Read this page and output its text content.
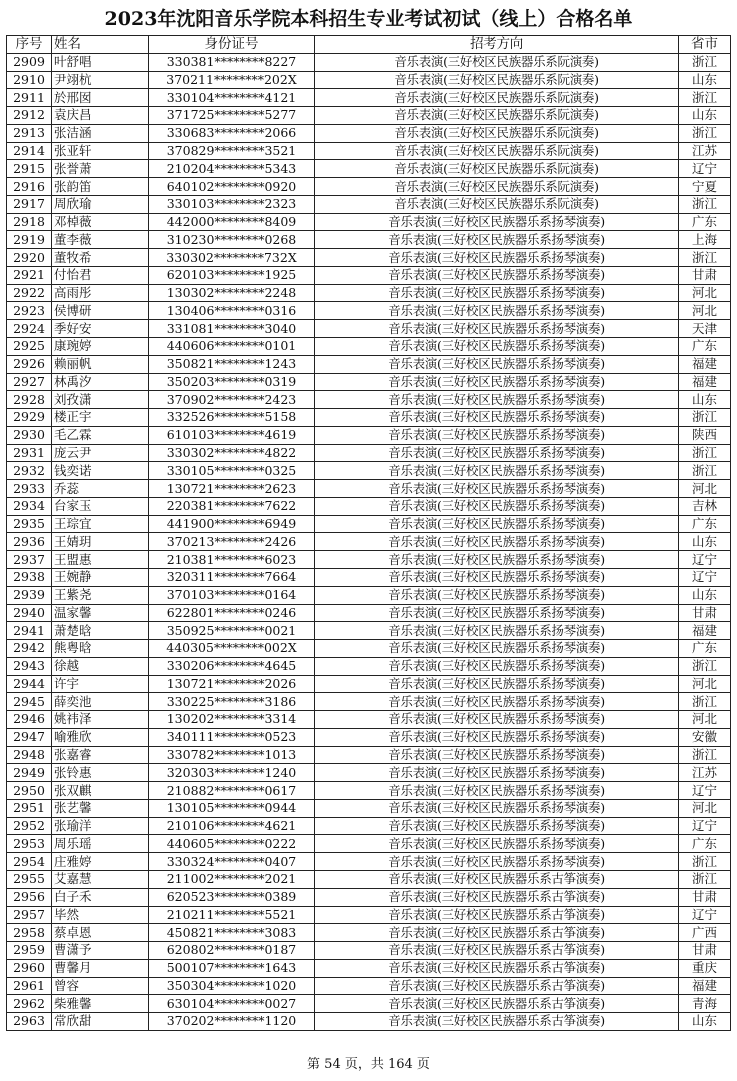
2023年沈阳音乐学院本科招生专业考试初试（线上）合格名单
序号	姓名	身份证号	招考方向	省市
2909	叶舒唱	330381********8227	音乐表演(三好校区民族器乐系阮演奏)	浙江
2910	尹翊杭	370211********202X	音乐表演(三好校区民族器乐系阮演奏)	山东
2911	於邢囡	330104********4121	音乐表演(三好校区民族器乐系阮演奏)	浙江
2912	袁庆昌	371725********5277	音乐表演(三好校区民族器乐系阮演奏)	山东
2913	张洁涵	330683********2066	音乐表演(三好校区民族器乐系阮演奏)	浙江
2914	张亚轩	370829********3521	音乐表演(三好校区民族器乐系阮演奏)	江苏
2915	张誉萧	210204********5343	音乐表演(三好校区民族器乐系阮演奏)	辽宁
2916	张韵笛	640102********0920	音乐表演(三好校区民族器乐系阮演奏)	宁夏
2917	周欣瑜	330103********2323	音乐表演(三好校区民族器乐系阮演奏)	浙江
2918	邓棹薇	442000********8409	音乐表演(三好校区民族器乐系扬琴演奏)	广东
2919	董李薇	310230********0268	音乐表演(三好校区民族器乐系扬琴演奏)	上海
2920	董牧希	330302********732X	音乐表演(三好校区民族器乐系扬琴演奏)	浙江
2921	付怡君	620103********1925	音乐表演(三好校区民族器乐系扬琴演奏)	甘肃
2922	高雨彤	130302********2248	音乐表演(三好校区民族器乐系扬琴演奏)	河北
2923	侯博研	130406********0316	音乐表演(三好校区民族器乐系扬琴演奏)	河北
2924	季好安	331081********3040	音乐表演(三好校区民族器乐系扬琴演奏)	天津
2925	康琬婷	440606********0101	音乐表演(三好校区民族器乐系扬琴演奏)	广东
2926	赖丽帆	350821********1243	音乐表演(三好校区民族器乐系扬琴演奏)	福建
2927	林禹汐	350203********0319	音乐表演(三好校区民族器乐系扬琴演奏)	福建
2928	刘孜潇	370902********2423	音乐表演(三好校区民族器乐系扬琴演奏)	山东
2929	楼正宇	332526********5158	音乐表演(三好校区民族器乐系扬琴演奏)	浙江
2930	毛乙霖	610103********4619	音乐表演(三好校区民族器乐系扬琴演奏)	陕西
2931	庞云尹	330302********4822	音乐表演(三好校区民族器乐系扬琴演奏)	浙江
2932	钱奕诺	330105********0325	音乐表演(三好校区民族器乐系扬琴演奏)	浙江
2933	乔蕊	130721********2623	音乐表演(三好校区民族器乐系扬琴演奏)	河北
2934	台家玉	220381********7622	音乐表演(三好校区民族器乐系扬琴演奏)	吉林
2935	王琮宜	441900********6949	音乐表演(三好校区民族器乐系扬琴演奏)	广东
2936	王婧玥	370213********2426	音乐表演(三好校区民族器乐系扬琴演奏)	山东
2937	王盟惠	210381********6023	音乐表演(三好校区民族器乐系扬琴演奏)	辽宁
2938	王婉静	320311********7664	音乐表演(三好校区民族器乐系扬琴演奏)	辽宁
2939	王紫尧	370103********0164	音乐表演(三好校区民族器乐系扬琴演奏)	山东
2940	温家馨	622801********0246	音乐表演(三好校区民族器乐系扬琴演奏)	甘肃
2941	萧楚晗	350925********0021	音乐表演(三好校区民族器乐系扬琴演奏)	福建
2942	熊粤晗	440305********002X	音乐表演(三好校区民族器乐系扬琴演奏)	广东
2943	徐越	330206********4645	音乐表演(三好校区民族器乐系扬琴演奏)	浙江
2944	许宇	130721********2026	音乐表演(三好校区民族器乐系扬琴演奏)	河北
2945	薛奕池	330225********3186	音乐表演(三好校区民族器乐系扬琴演奏)	浙江
2946	姚祎泽	130202********3314	音乐表演(三好校区民族器乐系扬琴演奏)	河北
2947	喻雅欣	340111********0523	音乐表演(三好校区民族器乐系扬琴演奏)	安徽
2948	张嘉睿	330782********1013	音乐表演(三好校区民族器乐系扬琴演奏)	浙江
2949	张铃惠	320303********1240	音乐表演(三好校区民族器乐系扬琴演奏)	江苏
2950	张双麒	210882********0617	音乐表演(三好校区民族器乐系扬琴演奏)	辽宁
2951	张艺馨	130105********0944	音乐表演(三好校区民族器乐系扬琴演奏)	河北
2952	张瑜洋	210106********4621	音乐表演(三好校区民族器乐系扬琴演奏)	辽宁
2953	周乐瑶	440605********0222	音乐表演(三好校区民族器乐系扬琴演奏)	广东
2954	庄雅婷	330324********0407	音乐表演(三好校区民族器乐系扬琴演奏)	浙江
2955	艾嘉慧	211002********2021	音乐表演(三好校区民族器乐系古筝演奏)	浙江
2956	白子禾	620523********0389	音乐表演(三好校区民族器乐系古筝演奏)	甘肃
2957	毕然	210211********5521	音乐表演(三好校区民族器乐系古筝演奏)	辽宁
2958	蔡卓恩	450821********3083	音乐表演(三好校区民族器乐系古筝演奏)	广西
2959	曹潇予	620802********0187	音乐表演(三好校区民族器乐系古筝演奏)	甘肃
2960	曹馨月	500107********1643	音乐表演(三好校区民族器乐系古筝演奏)	重庆
2961	曾容	350304********1020	音乐表演(三好校区民族器乐系古筝演奏)	福建
2962	柴雅馨	630104********0027	音乐表演(三好校区民族器乐系古筝演奏)	青海
2963	常欣甜	370202********1120	音乐表演(三好校区民族器乐系古筝演奏)	山东
第 54 页，共 164 页
